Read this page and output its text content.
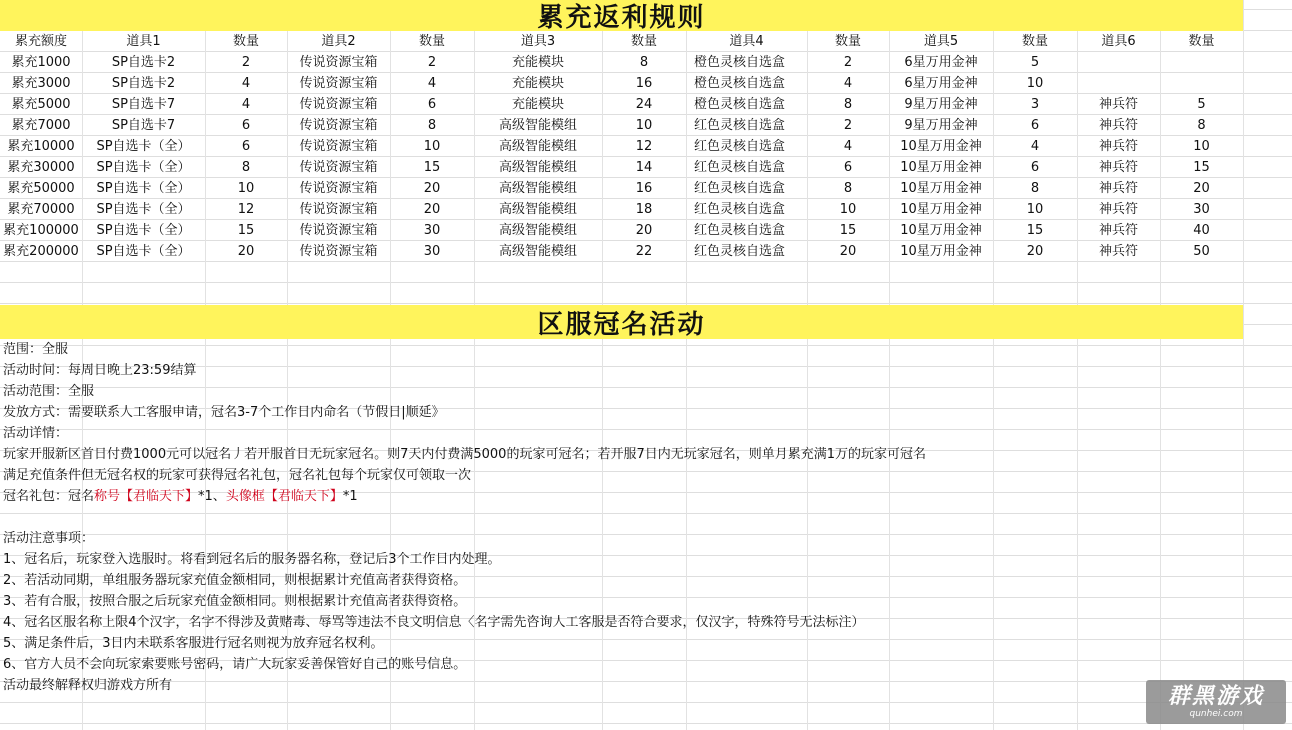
累充返利规则
累充额度	道具1	数量	道具2	数量	道具3	数量	道具4	数量	道具5	数量	道具6	数量
累充1000	SP自选卡2	2	传说资源宝箱	2	充能模块	8	橙色灵核自选盒	2	6星万用金神	5		
累充3000	SP自选卡2	4	传说资源宝箱	4	充能模块	16	橙色灵核自选盒	4	6星万用金神	10		
累充5000	SP自选卡7	4	传说资源宝箱	6	充能模块	24	橙色灵核自选盒	8	9星万用金神	3	神兵符	5
累充7000	SP自选卡7	6	传说资源宝箱	8	高级智能模组	10	红色灵核自选盒	2	9星万用金神	6	神兵符	8
累充10000	SP自选卡（全）	6	传说资源宝箱	10	高级智能模组	12	红色灵核自选盒	4	10星万用金神	4	神兵符	10
累充30000	SP自选卡（全）	8	传说资源宝箱	15	高级智能模组	14	红色灵核自选盒	6	10星万用金神	6	神兵符	15
累充50000	SP自选卡（全）	10	传说资源宝箱	20	高级智能模组	16	红色灵核自选盒	8	10星万用金神	8	神兵符	20
累充70000	SP自选卡（全）	12	传说资源宝箱	20	高级智能模组	18	红色灵核自选盒	10	10星万用金神	10	神兵符	30
累充100000	SP自选卡（全）	15	传说资源宝箱	30	高级智能模组	20	红色灵核自选盒	15	10星万用金神	15	神兵符	40
累充200000	SP自选卡（全）	20	传说资源宝箱	30	高级智能模组	22	红色灵核自选盒	20	10星万用金神	20	神兵符	50
区服冠名活动
范围：全服
活动时间：每周日晚上23:59结算
活动范围：全服
发放方式：需要联系人工客服申请，冠名3-7个工作日内命名（节假日|顺延》
活动详情：
玩家开服新区首日付费1000元可以冠名丿若开服首日无玩家冠名。则7天内付费满5000的玩家可冠名；若开服7日内无玩家冠名，则单月累充满1万的玩家可冠名
满足充值条件但无冠名权的玩家可获得冠名礼包，冠名礼包每个玩家仅可领取一次
冠名礼包：冠名称号【君临天下】*1、头像框【君临天下】*1
活动注意事项：
1、冠名后，玩家登入选服时。将看到冠名后的服务器名称，登记后3个工作日内处理。
2、若活动同期，单组服务器玩家充值金额相同，则根据累计充值高者获得资格。
3、若有合服，按照合服之后玩家充值金额相同。则根据累计充值高者获得资格。
4、冠名区服名称上限4个汉字，名字不得涉及黄赌毒、辱骂等违法不良文明信息〈名字需先咨询人工客服是否符合要求，仅汉字，特殊符号无法标注）
5、满足条件后，3日内未联系客服进行冠名则视为放弃冠名权利。
6、官方人员不会向玩家索要账号密码，请广大玩家妥善保管好自己的账号信息。
活动最终解释权归游戏方所有	群黑游戏
qunhei.com
